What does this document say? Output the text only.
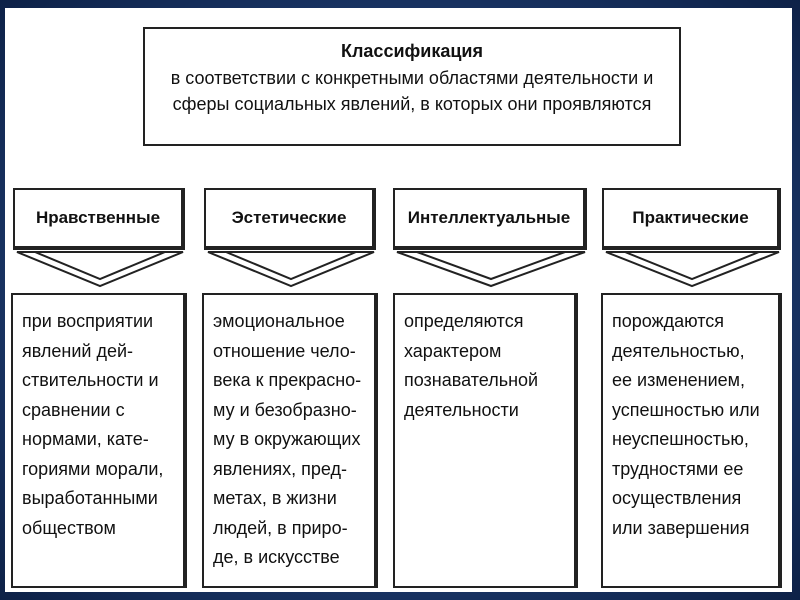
Классификация
в соответствии с конкретными областями деятельности и сферы социальных явлений, в которых они проявляются
Нравственные	Эстетические	Интеллектуальные	Практические
при восприятии
явлений дей-
ствительности и
сравнении с
нормами, кате-
гориями морали,
выработанными
обществом
эмоциональное
отношение чело-
века к прекрасно-
му и безобразно-
му в окружающих
явлениях, пред-
метах, в жизни
людей, в приро-
де, в искусстве
определяются
характером
познавательной
деятельности
порождаются
деятельностью,
ее изменением,
успешностью или
неуспешностью,
трудностями ее
осуществления
или завершения
